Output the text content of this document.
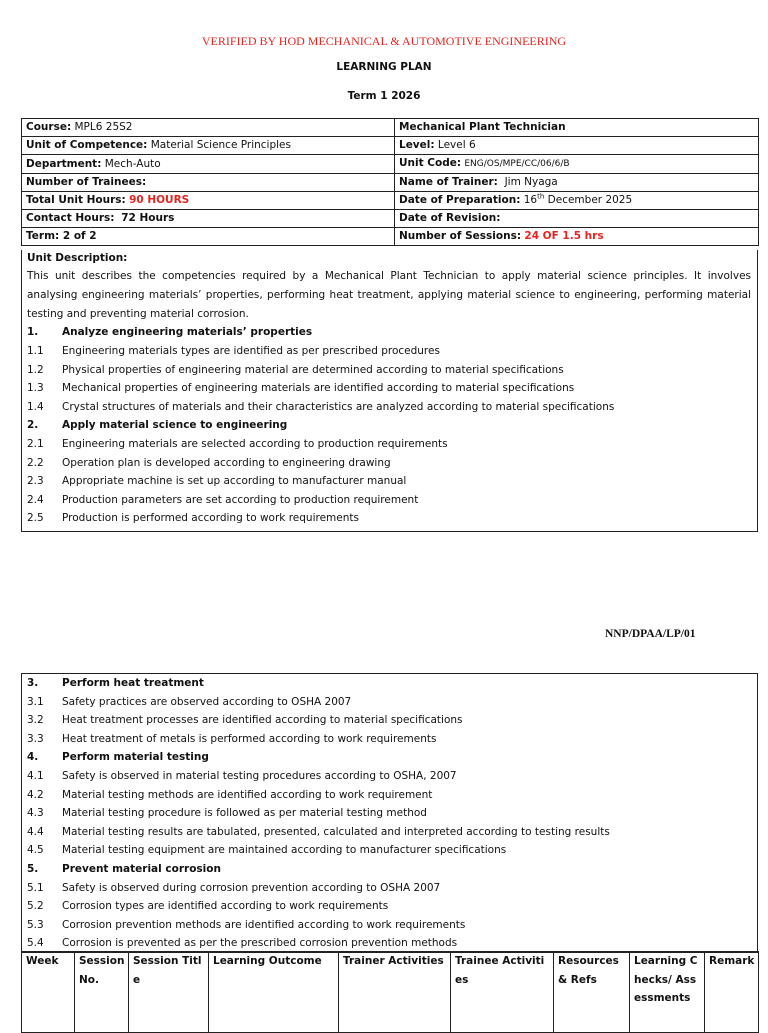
VERIFIED BY HOD MECHANICAL & AUTOMOTIVE ENGINEERING
LEARNING PLAN
Term 1 2026
Course: MPL6 25S2	Mechanical Plant Technician
Unit of Competence: Material Science Principles	Level: Level 6
Department: Mech-Auto	Unit Code: ENG/OS/MPE/CC/06/6/B
Number of Trainees:	Name of Trainer: Jim Nyaga
Total Unit Hours: 90 HOURS	Date of Preparation: 16th December 2025
Contact Hours: 72 Hours	Date of Revision:
Term: 2 of 2	Number of Sessions: 24 OF 1.5 hrs
Unit Description:
This unit describes the competencies required by a Mechanical Plant Technician to apply material science principles. It involves analysing engineering materials’ properties, performing heat treatment, applying material science to engineering, performing material testing and preventing material corrosion.
1. Analyze engineering materials’ properties
1.1 Engineering materials types are identified as per prescribed procedures
1.2 Physical properties of engineering material are determined according to material specifications
1.3 Mechanical properties of engineering materials are identified according to material specifications
1.4 Crystal structures of materials and their characteristics are analyzed according to material specifications
2. Apply material science to engineering
2.1 Engineering materials are selected according to production requirements
2.2 Operation plan is developed according to engineering drawing
2.3 Appropriate machine is set up according to manufacturer manual
2.4 Production parameters are set according to production requirement
2.5 Production is performed according to work requirements
NNP/DPAA/LP/01
3. Perform heat treatment
3.1 Safety practices are observed according to OSHA 2007
3.2 Heat treatment processes are identified according to material specifications
3.3 Heat treatment of metals is performed according to work requirements
4. Perform material testing
4.1 Safety is observed in material testing procedures according to OSHA, 2007
4.2 Material testing methods are identified according to work requirement
4.3 Material testing procedure is followed as per material testing method
4.4 Material testing results are tabulated, presented, calculated and interpreted according to testing results
4.5 Material testing equipment are maintained according to manufacturer specifications
5. Prevent material corrosion
5.1 Safety is observed during corrosion prevention according to OSHA 2007
5.2 Corrosion types are identified according to work requirements
5.3 Corrosion prevention methods are identified according to work requirements
5.4 Corrosion is prevented as per the prescribed corrosion prevention methods
Week	Session No.	Session Title	Learning Outcome	Trainer Activities	Trainee Activities	Resources & Refs	Learning Checks/ Assessments	Remark
